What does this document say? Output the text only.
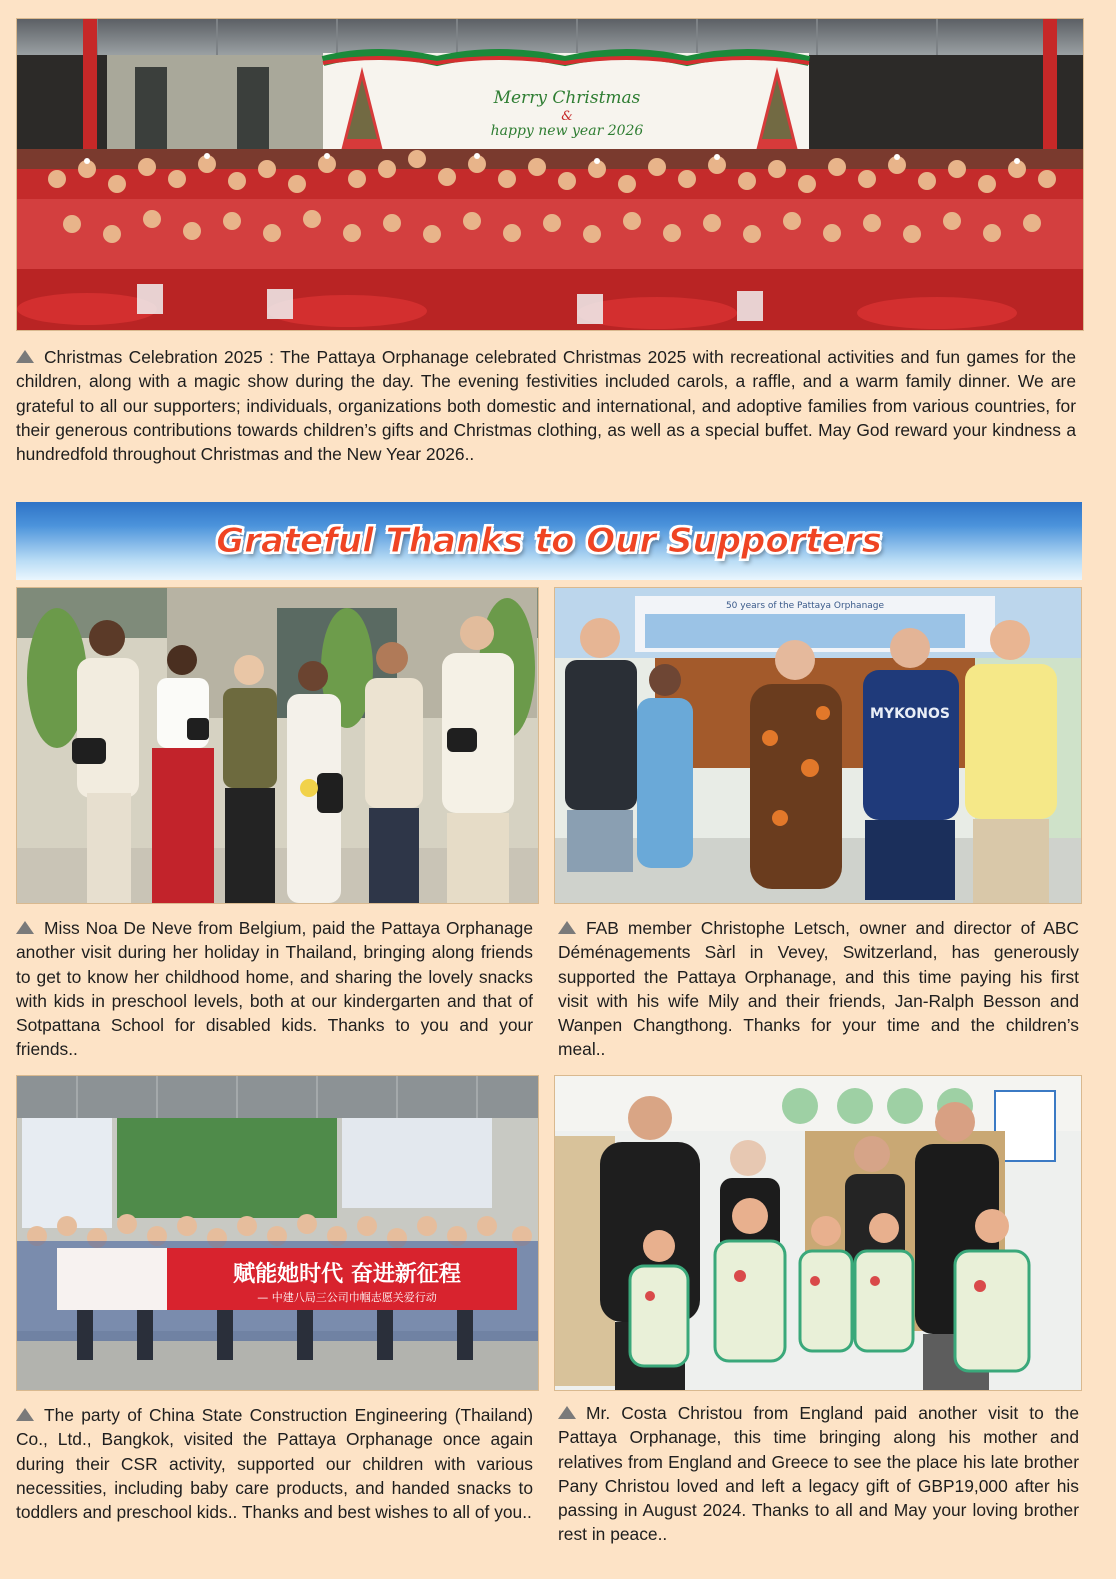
Merry Christmas
&
happy new year 2026

Christmas Celebration 2025 : The Pattaya Orphanage celebrated Christmas 2025 with recreational activities and fun games for the children, along with a magic show during the day. The evening festivities included carols, a raffle, and a warm family dinner. We are grateful to all our supporters; individuals, organizations both domestic and international, and adoptive families from various countries, for their generous contributions towards children’s gifts and Christmas clothing, as well as a special buffet. May God reward your kindness a hundredfold throughout Christmas and the New Year 2026..

Grateful Thanks to Our Supporters
50 years of the Pattaya Orphanage
MYKONOS

Miss Noa De Neve from Belgium, paid the Pattaya Orphanage another visit during her holiday in Thailand, bringing along friends to get to know her childhood home, and sharing the lovely snacks with kids in preschool levels, both at our kindergarten and that of Sotpattana School for disabled kids. Thanks to you and your friends..

FAB member Christophe Letsch, owner and director of ABC Déménagements Sàrl in Vevey, Switzerland, has generously supported the Pattaya Orphanage, and this time paying his first visit with his wife Mily and their friends, Jan-Ralph Besson and Wanpen Changthong. Thanks for your time and the children’s meal..

赋能她时代 奋进新征程
— 中建八局三公司巾帼志愿关爱行动

The party of China State Construction Engineering (Thailand) Co., Ltd., Bangkok, visited the Pattaya Orphanage once again during their CSR activity, supported our children with various necessities, including baby care products, and handed snacks to toddlers and preschool kids.. Thanks and best wishes to all of you..

Mr. Costa Christou from England paid another visit to the Pattaya Orphanage, this time bringing along his mother and relatives from England and Greece to see the place his late brother Pany Christou loved and left a legacy gift of GBP19,000 after his passing in August 2024. Thanks to all and May your loving brother rest in peace..
